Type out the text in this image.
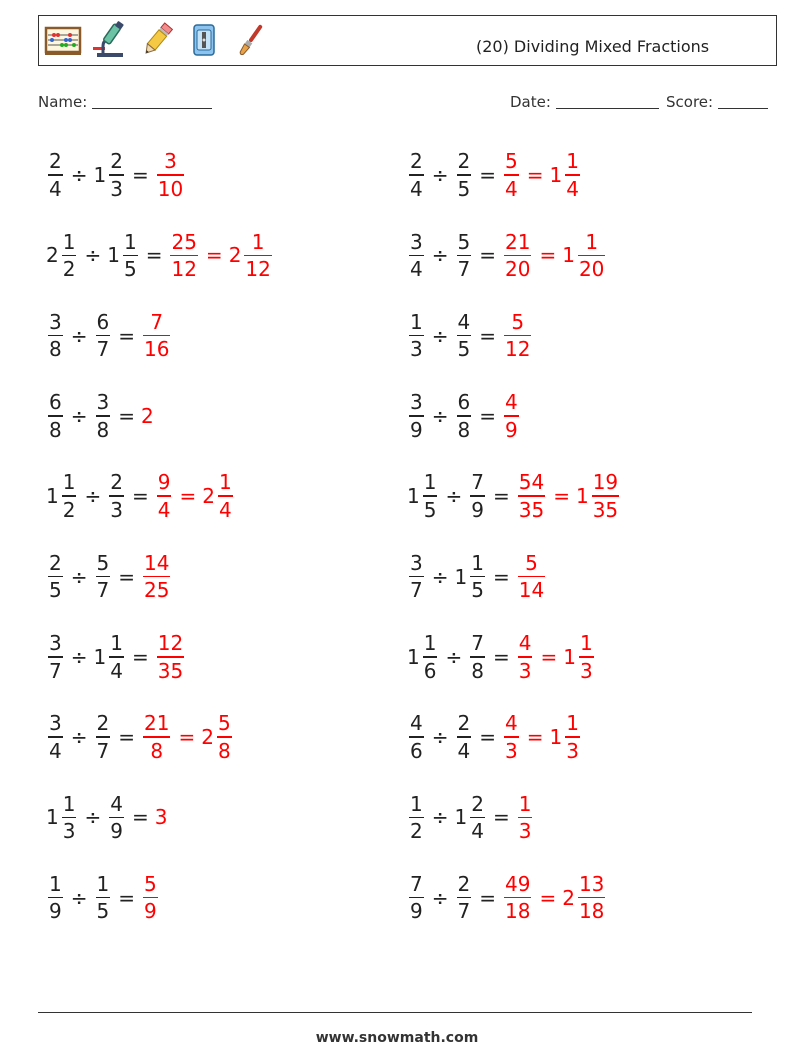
(20) Dividing Mixed Fractions
Name:	Date:	Score:
$\frac{2}{4} \div 1 \frac{2}{3} = \frac{3}{10}$	$\frac{2}{4} \div \frac{2}{5} = \frac{5}{4} = 1 \frac{1}{4}$
$2 \frac{1}{2} \div 1 \frac{1}{5} = \frac{25}{12} = 2 \frac{1}{12}$	$\frac{3}{4} \div \frac{5}{7} = \frac{21}{20} = 1 \frac{1}{20}$
$\frac{3}{8} \div \frac{6}{7} = \frac{7}{16}$	$\frac{1}{3} \div \frac{4}{5} = \frac{5}{12}$
$\frac{6}{8} \div \frac{3}{8} = 2$	$\frac{3}{9} \div \frac{6}{8} = \frac{4}{9}$
$1 \frac{1}{2} \div \frac{2}{3} = \frac{9}{4} = 2 \frac{1}{4}$	$1 \frac{1}{5} \div \frac{7}{9} = \frac{54}{35} = 1 \frac{19}{35}$
$\frac{2}{5} \div \frac{5}{7} = \frac{14}{25}$	$\frac{3}{7} \div 1 \frac{1}{5} = \frac{5}{14}$
$\frac{3}{7} \div 1 \frac{1}{4} = \frac{12}{35}$	$1 \frac{1}{6} \div \frac{7}{8} = \frac{4}{3} = 1 \frac{1}{3}$
$\frac{3}{4} \div \frac{2}{7} = \frac{21}{8} = 2 \frac{5}{8}$	$\frac{4}{6} \div \frac{2}{4} = \frac{4}{3} = 1 \frac{1}{3}$
$1 \frac{1}{3} \div \frac{4}{9} = 3$	$\frac{1}{2} \div 1 \frac{2}{4} = \frac{1}{3}$
$\frac{1}{9} \div \frac{1}{5} = \frac{5}{9}$	$\frac{7}{9} \div \frac{2}{7} = \frac{49}{18} = 2 \frac{13}{18}$
www.snowmath.com
